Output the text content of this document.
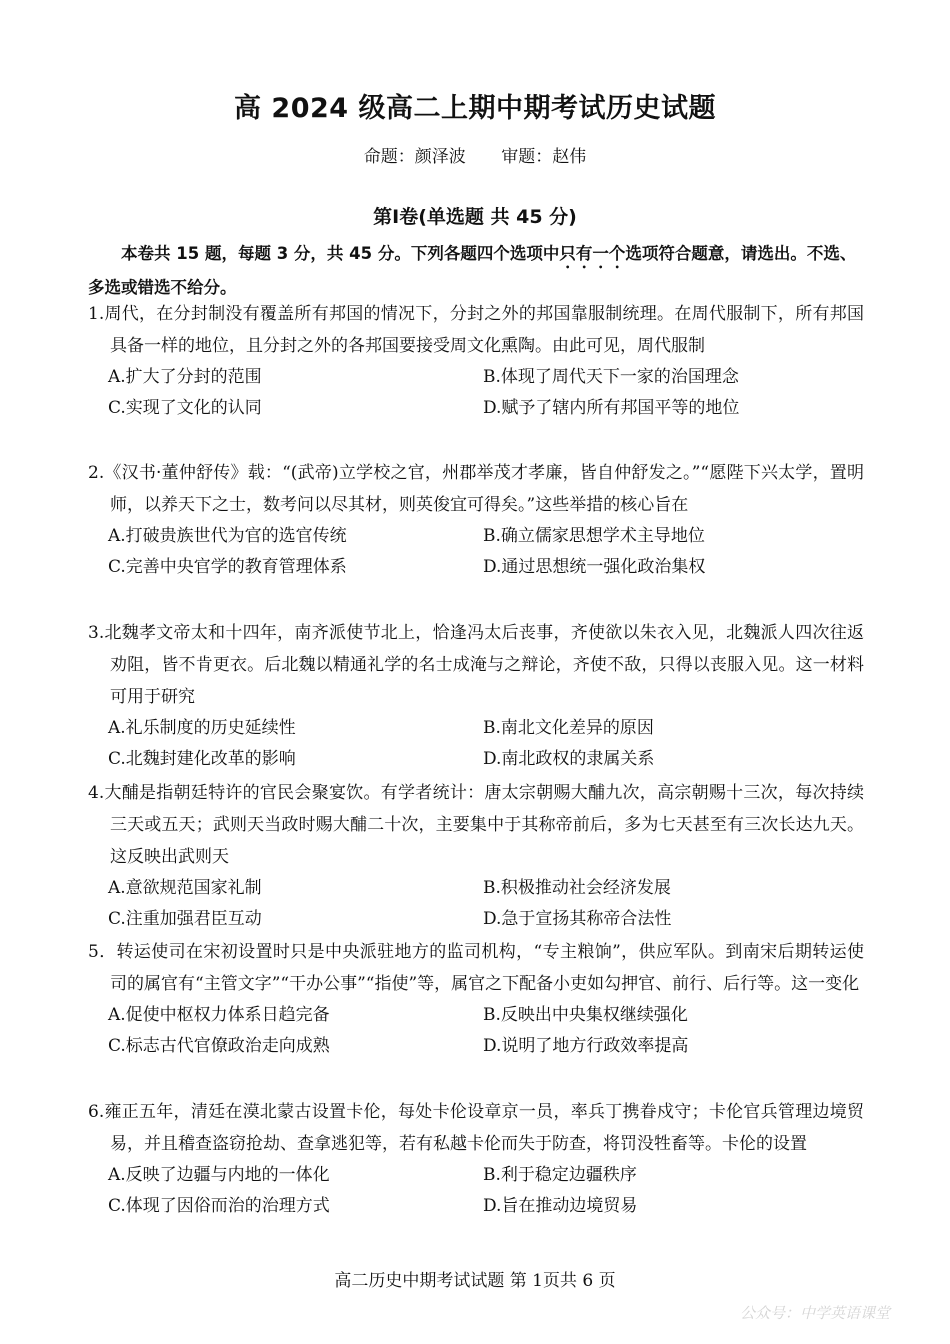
高 2024 级高二上期中期考试历史试题
命题：颜泽波 审题：赵伟
第Ⅰ卷(单选题 共 45 分)
本卷共 15 题，每题 3 分，共 45 分。下列各题四个选项中只有一个选项符合题意，请选出。不选、多选或错选不给分。
1.周代，在分封制没有覆盖所有邦国的情况下，分封之外的邦国靠服制统理。在周代服制下，所有邦国具备一样的地位，且分封之外的各邦国要接受周文化熏陶。由此可见，周代服制
A.扩大了分封的范围	B.体现了周代天下一家的治国理念
C.实现了文化的认同	D.赋予了辖内所有邦国平等的地位
2.《汉书·董仲舒传》载：“(武帝)立学校之官，州郡举茂才孝廉，皆自仲舒发之。”“愿陛下兴太学，置明师，以养天下之士，数考问以尽其材，则英俊宜可得矣。”这些举措的核心旨在
A.打破贵族世代为官的选官传统	B.确立儒家思想学术主导地位
C.完善中央官学的教育管理体系	D.通过思想统一强化政治集权
3.北魏孝文帝太和十四年，南齐派使节北上，恰逢冯太后丧事，齐使欲以朱衣入见，北魏派人四次往返劝阻，皆不肯更衣。后北魏以精通礼学的名士成淹与之辩论，齐使不敌，只得以丧服入见。这一材料可用于研究
A.礼乐制度的历史延续性	B.南北文化差异的原因
C.北魏封建化改革的影响	D.南北政权的隶属关系
4.大酺是指朝廷特许的官民会聚宴饮。有学者统计：唐太宗朝赐大酺九次，高宗朝赐十三次，每次持续三天或五天；武则天当政时赐大酺二十次，主要集中于其称帝前后，多为七天甚至有三次长达九天。这反映出武则天
A.意欲规范国家礼制	B.积极推动社会经济发展
C.注重加强君臣互动	D.急于宣扬其称帝合法性
5．转运使司在宋初设置时只是中央派驻地方的监司机构，“专主粮饷”，供应军队。到南宋后期转运使司的属官有“主管文字”“干办公事”“指使”等，属官之下配备小吏如勾押官、前行、后行等。这一变化
A.促使中枢权力体系日趋完备	B.反映出中央集权继续强化
C.标志古代官僚政治走向成熟	D.说明了地方行政效率提高
6.雍正五年，清廷在漠北蒙古设置卡伦，每处卡伦设章京一员，率兵丁携眷戍守；卡伦官兵管理边境贸易，并且稽查盗窃抢劫、查拿逃犯等，若有私越卡伦而失于防查，将罚没牲畜等。卡伦的设置
A.反映了边疆与内地的一体化	B.利于稳定边疆秩序
C.体现了因俗而治的治理方式	D.旨在推动边境贸易
高二历史中期考试试题 第 1页共 6 页
公众号：中学英语课堂
